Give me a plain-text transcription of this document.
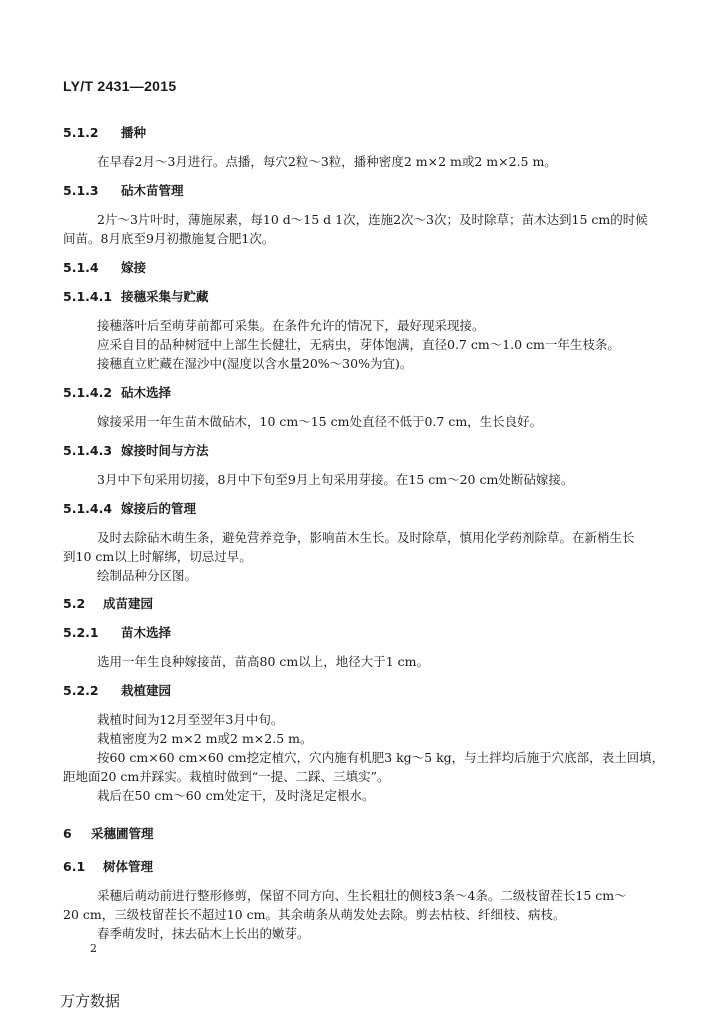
LY/T 2431—2015
5.1.2 播种
在早春2月～3月进行。点播，每穴2粒～3粒，播种密度2 m×2 m或2 m×2.5 m。
5.1.3 砧木苗管理
2片～3片叶时，薄施尿素，每10 d～15 d 1次，连施2次～3次；及时除草；苗木达到15 cm的时候
间苗。8月底至9月初撒施复合肥1次。
5.1.4 嫁接
5.1.4.1 接穗采集与贮藏
接穗落叶后至萌芽前都可采集。在条件允许的情况下，最好现采现接。
应采自目的品种树冠中上部生长健壮，无病虫，芽体饱满，直径0.7 cm～1.0 cm一年生枝条。
接穗直立贮藏在湿沙中(湿度以含水量20%～30%为宜)。
5.1.4.2 砧木选择
嫁接采用一年生苗木做砧木，10 cm～15 cm处直径不低于0.7 cm，生长良好。
5.1.4.3 嫁接时间与方法
3月中下旬采用切接，8月中下旬至9月上旬采用芽接。在15 cm～20 cm处断砧嫁接。
5.1.4.4 嫁接后的管理
及时去除砧木萌生条，避免营养竞争，影响苗木生长。及时除草，慎用化学药剂除草。在新梢生长
到10 cm以上时解绑，切忌过早。
绘制品种分区图。
5.2 成苗建园
5.2.1 苗木选择
选用一年生良种嫁接苗，苗高80 cm以上，地径大于1 cm。
5.2.2 栽植建园
栽植时间为12月至翌年3月中旬。
栽植密度为2 m×2 m或2 m×2.5 m。
按60 cm×60 cm×60 cm挖定植穴，穴内施有机肥3 kg～5 kg，与土拌均后施于穴底部，表土回填，
距地面20 cm并踩实。栽植时做到“一提、二踩、三填实”。
栽后在50 cm～60 cm处定干，及时浇足定根水。
6 采穗圃管理
6.1 树体管理
采穗后萌动前进行整形修剪，保留不同方向、生长粗壮的侧枝3条～4条。二级枝留茬长15 cm～
20 cm，三级枝留茬长不超过10 cm。其余萌条从萌发处去除。剪去枯枝、纤细枝、病枝。
春季萌发时，抹去砧木上长出的嫩芽。
2
万方数据
